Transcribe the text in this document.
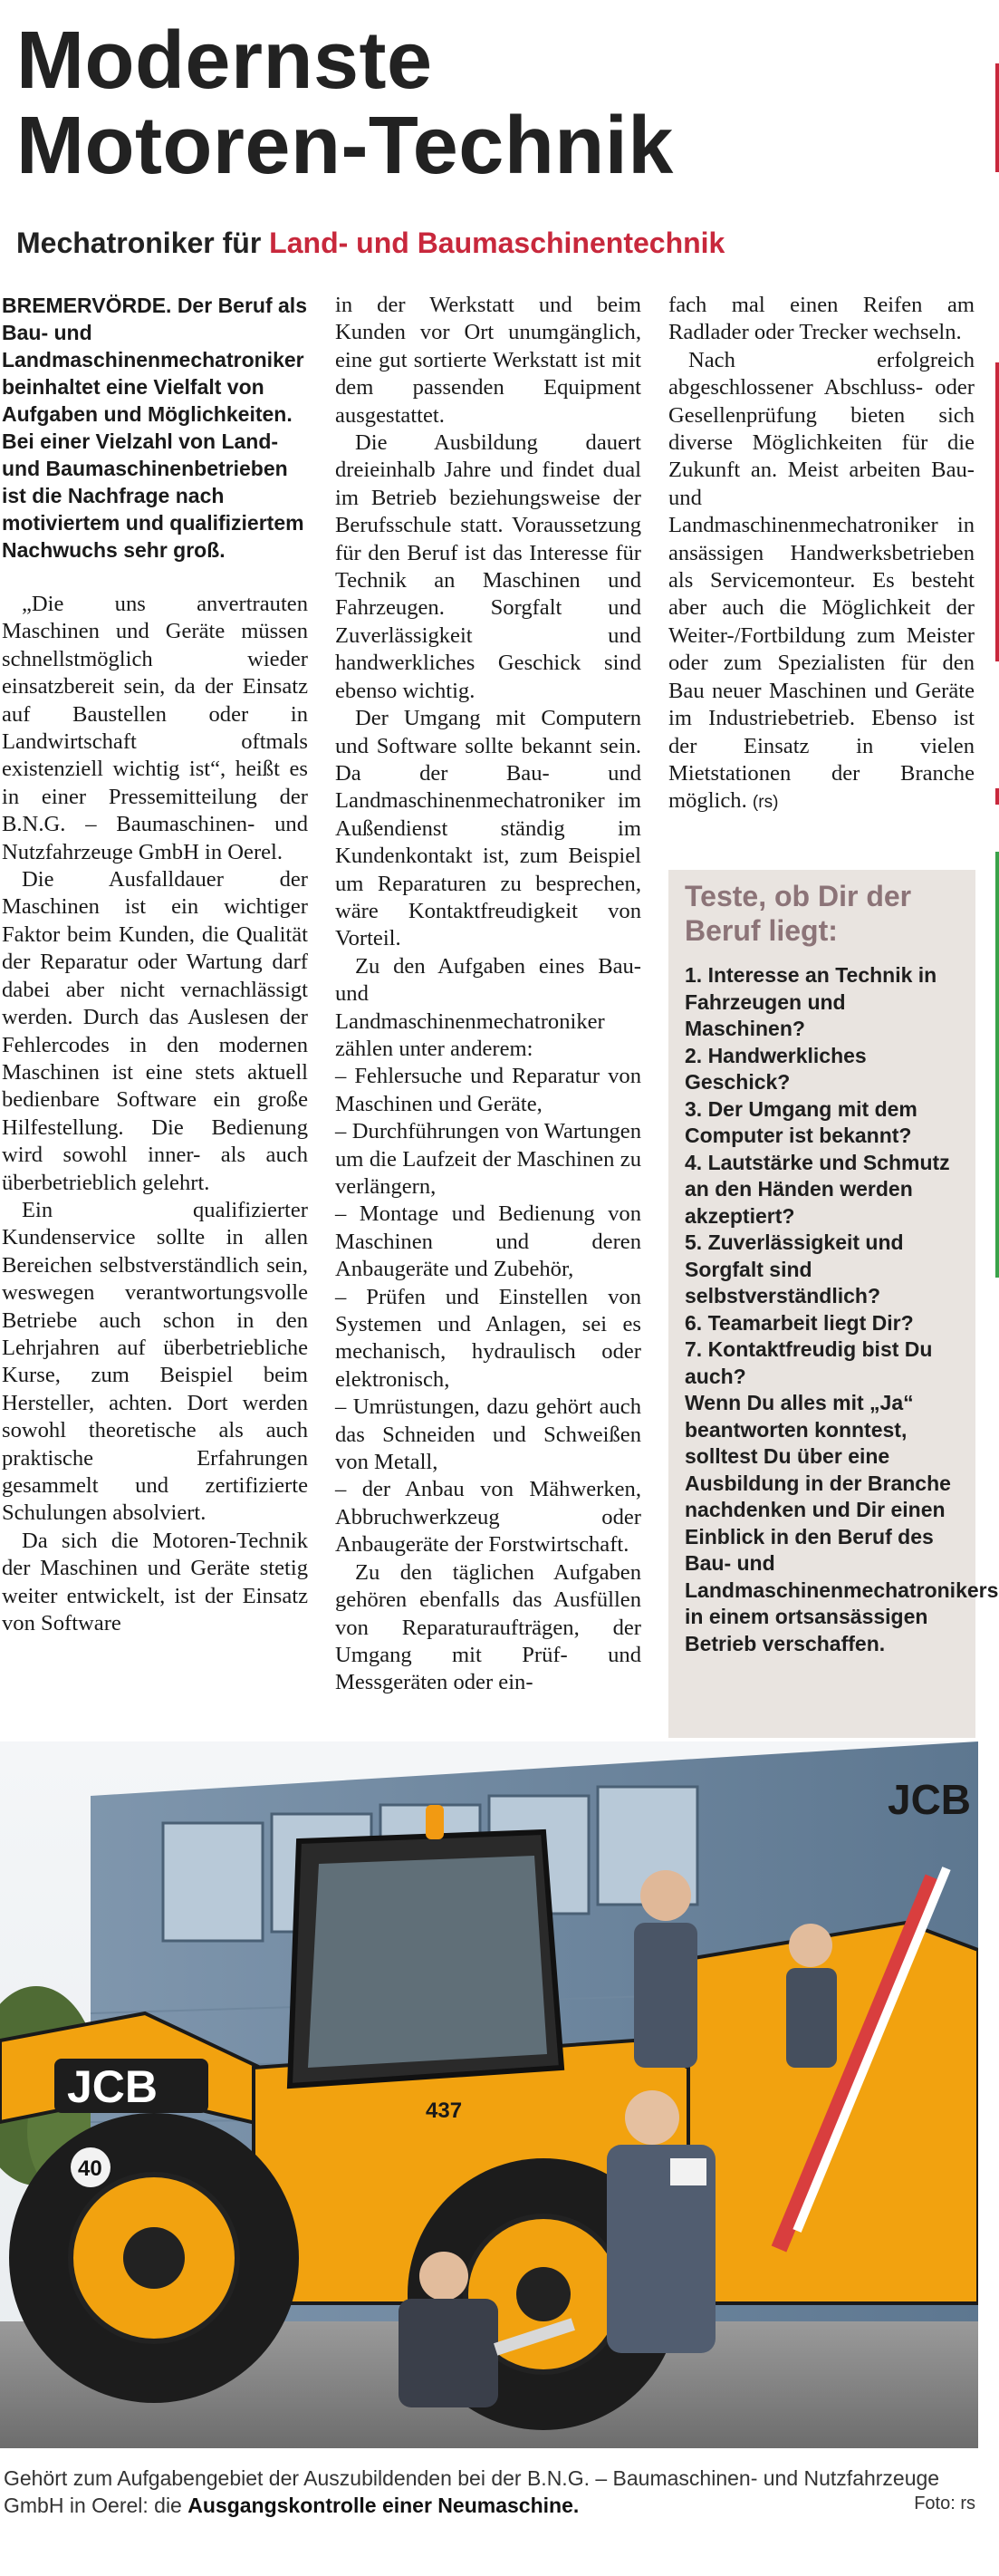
Modernste
Motoren-Technik
Mechatroniker für Land- und Baumaschinentechnik

BREMERVÖRDE. Der Beruf als Bau- und Landmaschinenmechatroniker beinhaltet eine Vielfalt von Aufgaben und Möglichkeiten. Bei einer Vielzahl von Land- und Baumaschinenbetrieben ist die Nachfrage nach motiviertem und qualifiziertem Nachwuchs sehr groß.

„Die uns anvertrauten Maschinen und Geräte müssen schnellstmöglich wieder einsatzbereit sein, da der Einsatz auf Baustellen oder in Landwirtschaft oftmals existenziell wichtig ist“, heißt es in einer Pressemitteilung der B.N.G. – Baumaschinen- und Nutzfahrzeuge GmbH in Oerel.

Die Ausfalldauer der Maschinen ist ein wichtiger Faktor beim Kunden, die Qualität der Reparatur oder Wartung darf dabei aber nicht vernachlässigt werden. Durch das Auslesen der Fehlercodes in den modernen Maschinen ist eine stets aktuell bedienbare Software ein große Hilfestellung. Die Bedienung wird sowohl inner- als auch überbetrieblich gelehrt.

Ein qualifizierter Kundenservice sollte in allen Bereichen selbstverständlich sein, weswegen verantwortungsvolle Betriebe auch schon in den Lehrjahren auf überbetriebliche Kurse, zum Beispiel beim Hersteller, achten. Dort werden sowohl theoretische als auch praktische Erfahrungen gesammelt und zertifizierte Schulungen absolviert.

Da sich die Motoren-Technik der Maschinen und Geräte stetig weiter entwickelt, ist der Einsatz von Software

in der Werkstatt und beim Kunden vor Ort unumgänglich, eine gut sortierte Werkstatt ist mit dem passenden Equipment ausgestattet.

Die Ausbildung dauert dreieinhalb Jahre und findet dual im Betrieb beziehungsweise der Berufsschule statt. Voraussetzung für den Beruf ist das Interesse für Technik an Maschinen und Fahrzeugen. Sorgfalt und Zuverlässigkeit und handwerkliches Geschick sind ebenso wichtig.

Der Umgang mit Computern und Software sollte bekannt sein. Da der Bau- und Landmaschinenmechatroniker im Außendienst ständig im Kundenkontakt ist, zum Beispiel um Reparaturen zu besprechen, wäre Kontaktfreudigkeit von Vorteil.

Zu den Aufgaben eines Bau- und Landmaschinenmechatroniker zählen unter anderem:

– Fehlersuche und Reparatur von Maschinen und Geräte,

– Durchführungen von Wartungen um die Laufzeit der Maschinen zu verlängern,

– Montage und Bedienung von Maschinen und deren Anbaugeräte und Zubehör,

– Prüfen und Einstellen von Systemen und Anlagen, sei es mechanisch, hydraulisch oder elektronisch,

– Umrüstungen, dazu gehört auch das Schneiden und Schweißen von Metall,

– der Anbau von Mähwerken, Abbruchwerkzeug oder Anbaugeräte der Forstwirtschaft.

Zu den täglichen Aufgaben gehören ebenfalls das Ausfüllen von Reparaturaufträgen, der Umgang mit Prüf- und Messgeräten oder ein-

fach mal einen Reifen am Radlader oder Trecker wechseln.

Nach erfolgreich abgeschlossener Abschluss- oder Gesellenprüfung bieten sich diverse Möglichkeiten für die Zukunft an. Meist arbeiten Bau- und Landmaschinenmechatroniker in ansässigen Handwerksbetrieben als Servicemonteur. Es besteht aber auch die Möglichkeit der Weiter-/Fortbildung zum Meister oder zum Spezialisten für den Bau neuer Maschinen und Geräte im Industriebetrieb. Ebenso ist der Einsatz in vielen Mietstationen der Branche möglich. (rs)

Teste, ob Dir der Beruf liegt:
1. Interesse an Technik in Fahrzeugen und Maschinen?
2. Handwerkliches Geschick?
3. Der Umgang mit dem Computer ist bekannt?
4. Lautstärke und Schmutz an den Händen werden akzeptiert?
5. Zuverlässigkeit und Sorgfalt sind selbstverständlich?
6. Teamarbeit liegt Dir?
7. Kontaktfreudig bist Du auch?
Wenn Du alles mit „Ja“ beantworten konntest, solltest Du über eine Ausbildung in der Branche nachdenken und Dir einen Einblick in den Beruf des Bau- und Landmaschinenmechatronikers in einem ortsansässigen Betrieb verschaffen.
JCB	437
JCB
40
Gehört zum Aufgabengebiet der Auszubildenden bei der B.N.G. – Baumaschinen- und Nutzfahrzeuge GmbH in Oerel: die Ausgangskontrolle einer Neumaschine.	Foto: rs
